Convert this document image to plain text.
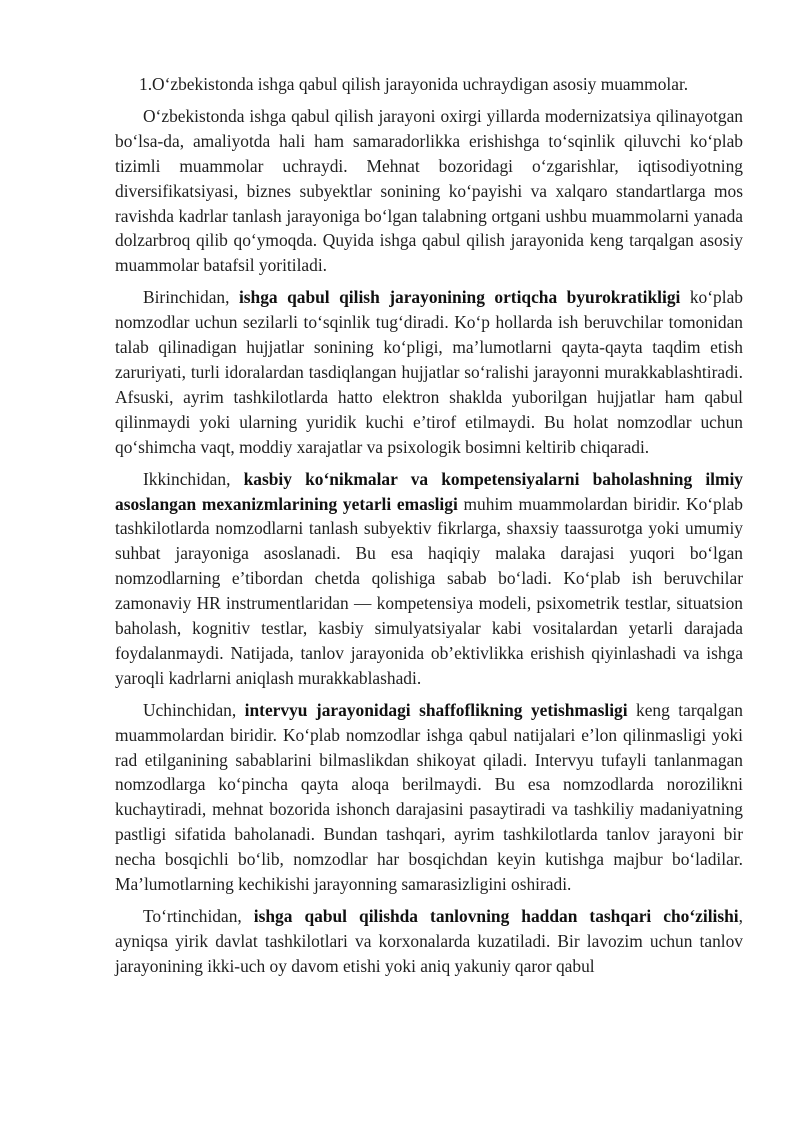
1.O‘zbekistonda ishga qabul qilish jarayonida uchraydigan asosiy muammolar.

O‘zbekistonda ishga qabul qilish jarayoni oxirgi yillarda modernizatsiya qilinayotgan bo‘lsa-da, amaliyotda hali ham samaradorlikka erishishga to‘sqinlik qiluvchi ko‘plab tizimli muammolar uchraydi. Mehnat bozoridagi o‘zgarishlar, iqtisodiyotning diversifikatsiyasi, biznes subyektlar sonining ko‘payishi va xalqaro standartlarga mos ravishda kadrlar tanlash jarayoniga bo‘lgan talabning ortgani ushbu muammolarni yanada dolzarbroq qilib qo‘ymoqda. Quyida ishga qabul qilish jarayonida keng tarqalgan asosiy muammolar batafsil yoritiladi.

Birinchidan, ishga qabul qilish jarayonining ortiqcha byurokratikligi ko‘plab nomzodlar uchun sezilarli to‘sqinlik tug‘diradi. Ko‘p hollarda ish beruvchilar tomonidan talab qilinadigan hujjatlar sonining ko‘pligi, ma’lumotlarni qayta-qayta taqdim etish zaruriyati, turli idoralardan tasdiqlangan hujjatlar so‘ralishi jarayonni murakkablashtiradi. Afsuski, ayrim tashkilotlarda hatto elektron shaklda yuborilgan hujjatlar ham qabul qilinmaydi yoki ularning yuridik kuchi e’tirof etilmaydi. Bu holat nomzodlar uchun qo‘shimcha vaqt, moddiy xarajatlar va psixologik bosimni keltirib chiqaradi.

Ikkinchidan, kasbiy ko‘nikmalar va kompetensiyalarni baholashning ilmiy asoslangan mexanizmlarining yetarli emasligi muhim muammolardan biridir. Ko‘plab tashkilotlarda nomzodlarni tanlash subyektiv fikrlarga, shaxsiy taassurotga yoki umumiy suhbat jarayoniga asoslanadi. Bu esa haqiqiy malaka darajasi yuqori bo‘lgan nomzodlarning e’tibordan chetda qolishiga sabab bo‘ladi. Ko‘plab ish beruvchilar zamonaviy HR instrumentlaridan — kompetensiya modeli, psixometrik testlar, situatsion baholash, kognitiv testlar, kasbiy simulyatsiyalar kabi vositalardan yetarli darajada foydalanmaydi. Natijada, tanlov jarayonida ob’ektivlikka erishish qiyinlashadi va ishga yaroqli kadrlarni aniqlash murakkablashadi.

Uchinchidan, intervyu jarayonidagi shaffoflikning yetishmasligi keng tarqalgan muammolardan biridir. Ko‘plab nomzodlar ishga qabul natijalari e’lon qilinmasligi yoki rad etilganining sabablarini bilmaslikdan shikoyat qiladi. Intervyu tufayli tanlanmagan nomzodlarga ko‘pincha qayta aloqa berilmaydi. Bu esa nomzodlarda norozilikni kuchaytiradi, mehnat bozorida ishonch darajasini pasaytiradi va tashkiliy madaniyatning pastligi sifatida baholanadi. Bundan tashqari, ayrim tashkilotlarda tanlov jarayoni bir necha bosqichli bo‘lib, nomzodlar har bosqichdan keyin kutishga majbur bo‘ladilar. Ma’lumotlarning kechikishi jarayonning samarasizligini oshiradi.

To‘rtinchidan, ishga qabul qilishda tanlovning haddan tashqari cho‘zilishi, ayniqsa yirik davlat tashkilotlari va korxonalarda kuzatiladi. Bir lavozim uchun tanlov jarayonining ikki-uch oy davom etishi yoki aniq yakuniy qaror qabul
